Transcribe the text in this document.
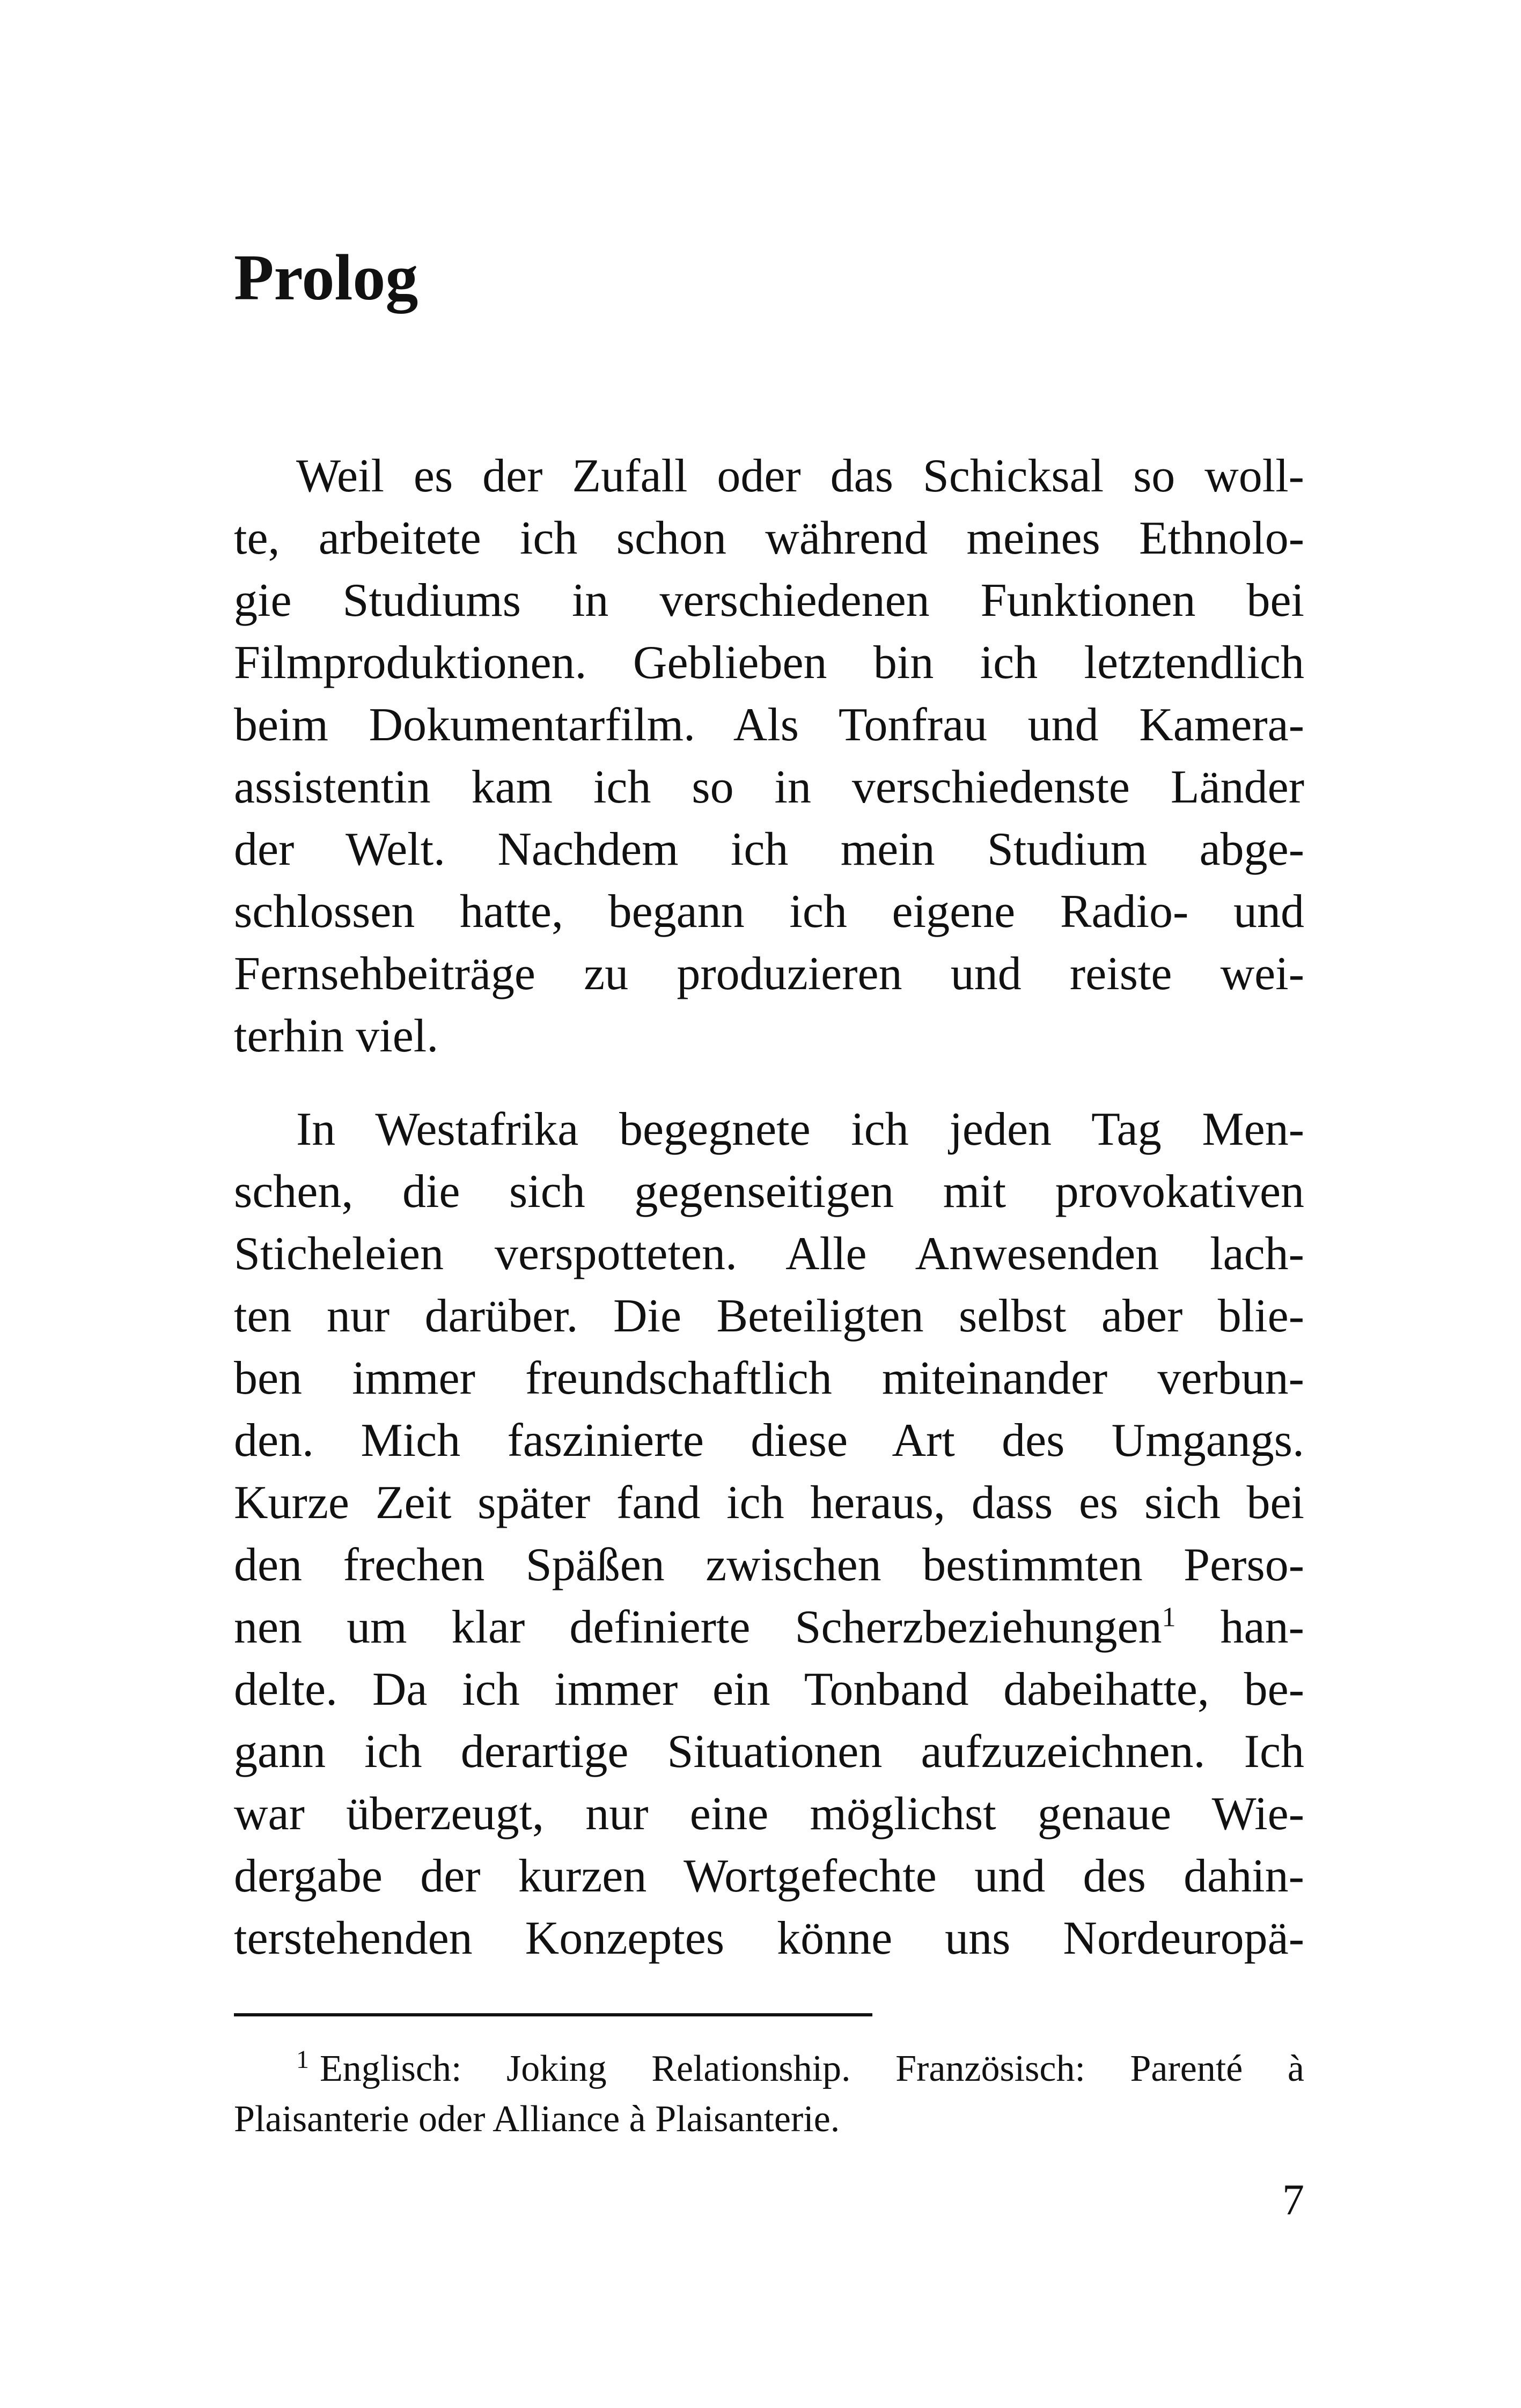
Prolog
Weil es der Zufall oder das Schicksal so woll-
te, arbeitete ich schon während meines Ethnolo-
gie Studiums in verschiedenen Funktionen bei
Filmproduktionen. Geblieben bin ich letztendlich
beim Dokumentarfilm. Als Tonfrau und Kamera-
assistentin kam ich so in verschiedenste Länder
der Welt. Nachdem ich mein Studium abge-
schlossen hatte, begann ich eigene Radio- und
Fernsehbeiträge zu produzieren und reiste wei-
terhin viel.
In Westafrika begegnete ich jeden Tag Men-
schen, die sich gegenseitigen mit provokativen
Sticheleien verspotteten. Alle Anwesenden lach-
ten nur darüber. Die Beteiligten selbst aber blie-
ben immer freundschaftlich miteinander verbun-
den. Mich faszinierte diese Art des Umgangs.
Kurze Zeit später fand ich heraus, dass es sich bei
den frechen Späßen zwischen bestimmten Perso-
nen um klar definierte Scherzbeziehungen$^1$ han-
delte. Da ich immer ein Tonband dabeihatte, be-
gann ich derartige Situationen aufzuzeichnen. Ich
war überzeugt, nur eine möglichst genaue Wie-
dergabe der kurzen Wortgefechte und des dahin-
terstehenden Konzeptes könne uns Nordeuropä-
$^1$ Englisch: Joking Relationship. Französisch: Parenté à
Plaisanterie oder Alliance à Plaisanterie.
7
